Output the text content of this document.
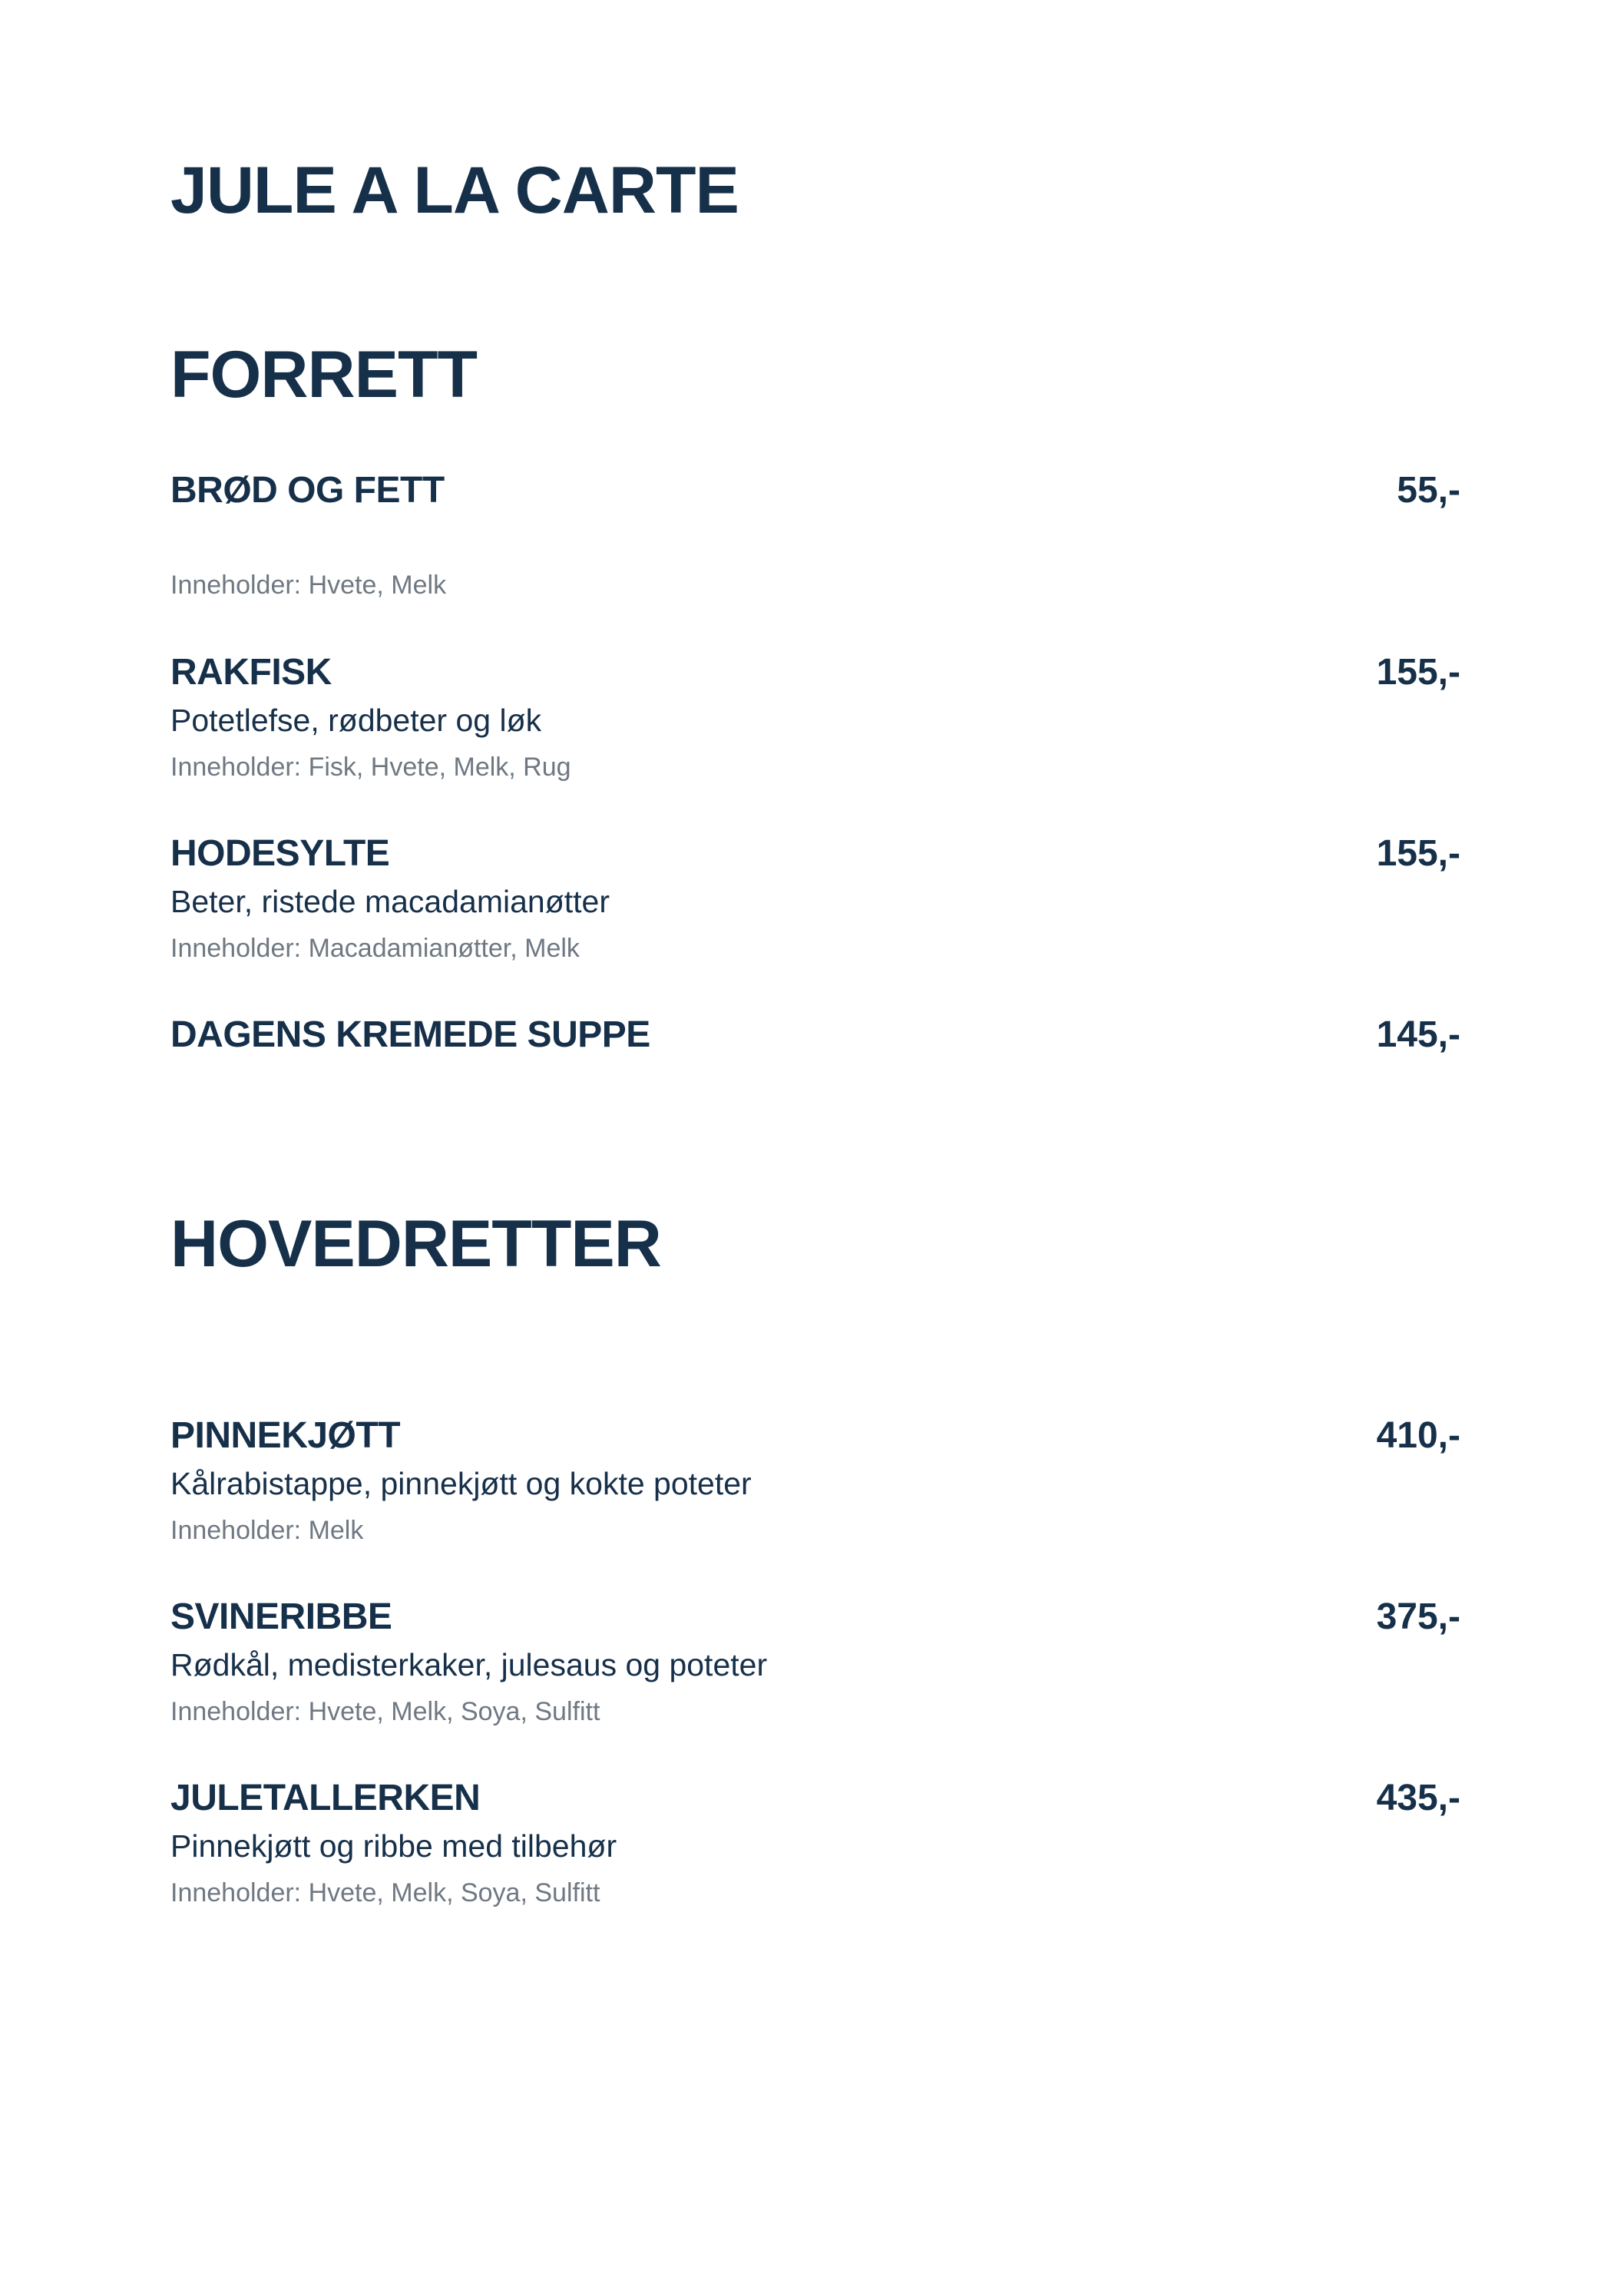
JULE A LA CARTE
FORRETT
BRØD OG FETT	55,-
Inneholder: Hvete, Melk
RAKFISK	155,-
Potetlefse, rødbeter og løk
Inneholder: Fisk, Hvete, Melk, Rug
HODESYLTE	155,-
Beter, ristede macadamianøtter
Inneholder: Macadamianøtter, Melk
DAGENS KREMEDE SUPPE	145,-
HOVEDRETTER
PINNEKJØTT	410,-
Kålrabistappe, pinnekjøtt og kokte poteter
Inneholder: Melk
SVINERIBBE	375,-
Rødkål, medisterkaker, julesaus og poteter
Inneholder: Hvete, Melk, Soya, Sulfitt
JULETALLERKEN	435,-
Pinnekjøtt og ribbe med tilbehør
Inneholder: Hvete, Melk, Soya, Sulfitt
